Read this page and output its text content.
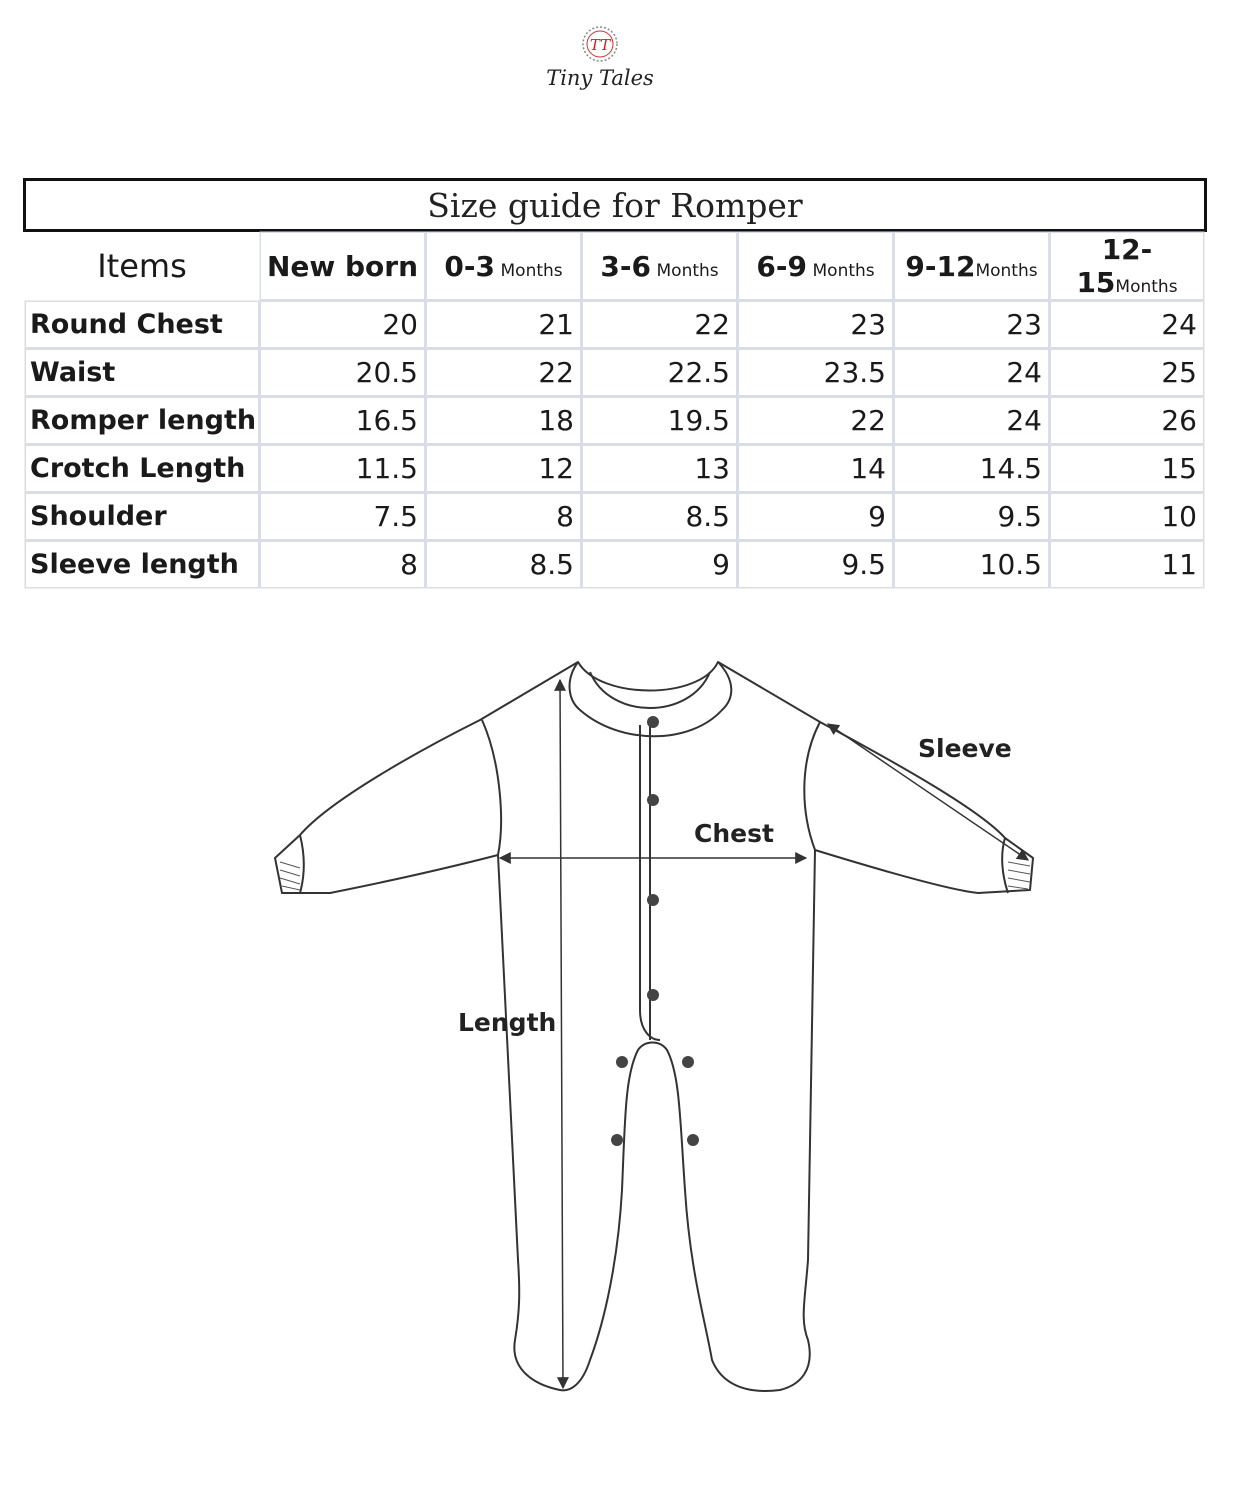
TT
Tiny Tales
Size guide for Romper
Items	New born	0-3 Months	3-6 Months	6-9 Months	9-12Months	12-15Months
Round Chest	20	21	22	23	23	24
Waist	20.5	22	22.5	23.5	24	25
Romper length	16.5	18	19.5	22	24	26
Crotch Length	11.5	12	13	14	14.5	15
Shoulder	7.5	8	8.5	9	9.5	10
Sleeve length	8	8.5	9	9.5	10.5	11
Sleeve
Chest
Length
